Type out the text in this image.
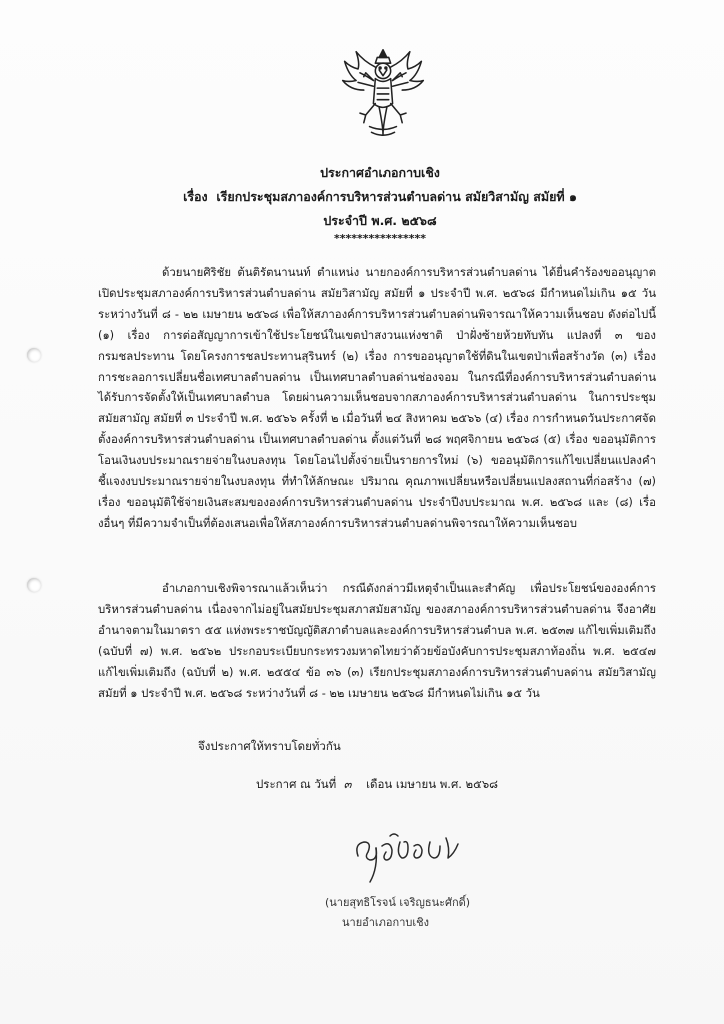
ประกาศอำเภอกาบเชิง
เรื่อง เรียกประชุมสภาองค์การบริหารส่วนตำบลด่าน สมัยวิสามัญ สมัยที่ ๑
ประจำปี พ.ศ. ๒๕๖๘
****************

ด้วยนายศิริชัย ต้นติรัตนานนท์ ตำแหน่ง นายกองค์การบริหารส่วนตำบลด่าน ได้ยื่นคำร้องขออนุญาตเปิดประชุมสภาองค์การบริหารส่วนตำบลด่าน สมัยวิสามัญ สมัยที่ ๑ ประจำปี พ.ศ. ๒๕๖๘ มีกำหนดไม่เกิน ๑๕ วัน ระหว่างวันที่ ๘ - ๒๒ เมษายน ๒๕๖๘ เพื่อให้สภาองค์การบริหารส่วนตำบลด่านพิจารณาให้ความเห็นชอบ ดังต่อไปนี้ (๑) เรื่อง การต่อสัญญาการเข้าใช้ประโยชน์ในเขตป่าสงวนแห่งชาติ ป่าฝั่งซ้ายห้วยทับทัน แปลงที่ ๓ ของกรมชลประทาน โดยโครงการชลประทานสุรินทร์ (๒) เรื่อง การขออนุญาตใช้ที่ดินในเขตป่าเพื่อสร้างวัด (๓) เรื่อง การชะลอการเปลี่ยนชื่อเทศบาลตำบลด่าน เป็นเทศบาลตำบลด่านช่องจอม ในกรณีที่องค์การบริหารส่วนตำบลด่านได้รับการจัดตั้งให้เป็นเทศบาลตำบล โดยผ่านความเห็นชอบจากสภาองค์การบริหารส่วนตำบลด่าน ในการประชุมสมัยสามัญ สมัยที่ ๓ ประจำปี พ.ศ. ๒๕๖๖ ครั้งที่ ๒ เมื่อวันที่ ๒๔ สิงหาคม ๒๕๖๖ (๔) เรื่อง การกำหนดวันประกาศจัดตั้งองค์การบริหารส่วนตำบลด่าน เป็นเทศบาลตำบลด่าน ตั้งแต่วันที่ ๒๘ พฤศจิกายน ๒๕๖๘ (๕) เรื่อง ขออนุมัติการโอนเงินงบประมาณรายจ่ายในงบลงทุน โดยโอนไปตั้งจ่ายเป็นรายการใหม่ (๖) ขออนุมัติการแก้ไขเปลี่ยนแปลงคำชี้แจงงบประมาณรายจ่ายในงบลงทุน ที่ทำให้ลักษณะ ปริมาณ คุณภาพเปลี่ยนหรือเปลี่ยนแปลงสถานที่ก่อสร้าง (๗) เรื่อง ขออนุมัติใช้จ่ายเงินสะสมขององค์การบริหารส่วนตำบลด่าน ประจำปีงบประมาณ พ.ศ. ๒๕๖๘ และ (๘) เรื่องอื่นๆ ที่มีความจำเป็นที่ต้องเสนอเพื่อให้สภาองค์การบริหารส่วนตำบลด่านพิจารณาให้ความเห็นชอบ

อำเภอกาบเชิงพิจารณาแล้วเห็นว่า กรณีดังกล่าวมีเหตุจำเป็นและสำคัญ เพื่อประโยชน์ขององค์การบริหารส่วนตำบลด่าน เนื่องจากไม่อยู่ในสมัยประชุมสภาสมัยสามัญ ของสภาองค์การบริหารส่วนตำบลด่าน จึงอาศัยอำนาจตามในมาตรา ๕๕ แห่งพระราชบัญญัติสภาตำบลและองค์การบริหารส่วนตำบล พ.ศ. ๒๕๓๗ แก้ไขเพิ่มเติมถึง (ฉบับที่ ๗) พ.ศ. ๒๕๖๒ ประกอบระเบียบกระทรวงมหาดไทยว่าด้วยข้อบังคับการประชุมสภาท้องถิ่น พ.ศ. ๒๕๔๗ แก้ไขเพิ่มเติมถึง (ฉบับที่ ๒) พ.ศ. ๒๕๕๔ ข้อ ๓๖ (๓) เรียกประชุมสภาองค์การบริหารส่วนตำบลด่าน สมัยวิสามัญ สมัยที่ ๑ ประจำปี พ.ศ. ๒๕๖๘ ระหว่างวันที่ ๘ - ๒๒ เมษายน ๒๕๖๘ มีกำหนดไม่เกิน ๑๕ วัน

จึงประกาศให้ทราบโดยทั่วกัน
ประกาศ ณ วันที่ ๓ เดือน เมษายน พ.ศ. ๒๕๖๘
(นายสุทธิโรจน์ เจริญธนะศักดิ์)
นายอำเภอกาบเชิง
